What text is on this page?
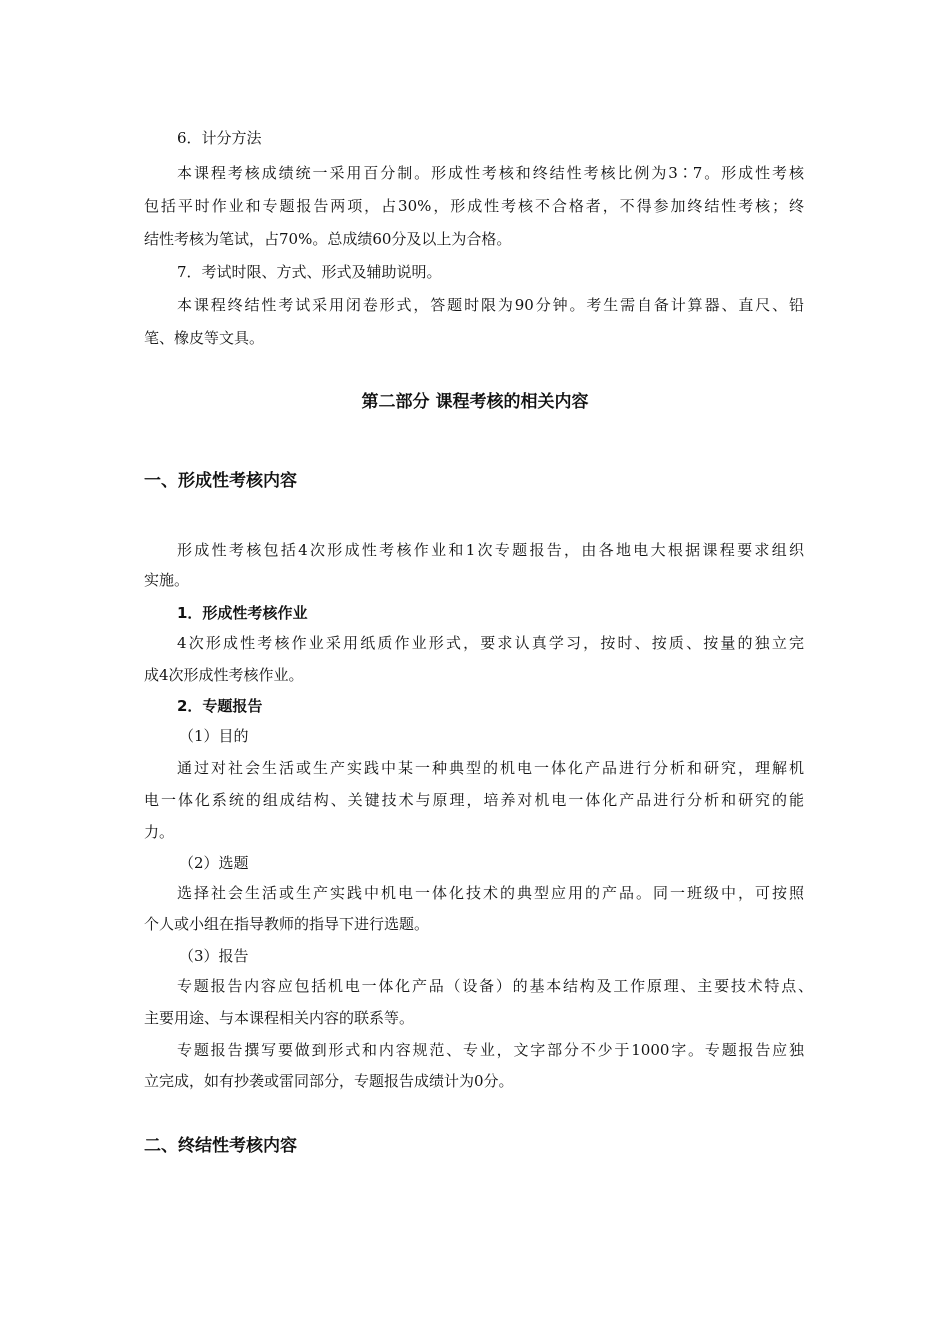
6．计分方法
本课程考核成绩统一采用百分制。形成性考核和终结性考核比例为3∶7。形成性考核
包括平时作业和专题报告两项，占30%，形成性考核不合格者，不得参加终结性考核；终
结性考核为笔试，占70%。总成绩60分及以上为合格。
7．考试时限、方式、形式及辅助说明。
本课程终结性考试采用闭卷形式，答题时限为90分钟。考生需自备计算器、直尺、铅
笔、橡皮等文具。
第二部分 课程考核的相关内容
一、形成性考核内容
形成性考核包括4次形成性考核作业和1次专题报告，由各地电大根据课程要求组织
实施。
1．形成性考核作业
4次形成性考核作业采用纸质作业形式，要求认真学习，按时、按质、按量的独立完
成4次形成性考核作业。
2．专题报告
（1）目的
通过对社会生活或生产实践中某一种典型的机电一体化产品进行分析和研究，理解机
电一体化系统的组成结构、关键技术与原理，培养对机电一体化产品进行分析和研究的能
力。
（2）选题
选择社会生活或生产实践中机电一体化技术的典型应用的产品。同一班级中，可按照
个人或小组在指导教师的指导下进行选题。
（3）报告
专题报告内容应包括机电一体化产品（设备）的基本结构及工作原理、主要技术特点、
主要用途、与本课程相关内容的联系等。
专题报告撰写要做到形式和内容规范、专业，文字部分不少于1000字。专题报告应独
立完成，如有抄袭或雷同部分，专题报告成绩计为0分。
二、终结性考核内容
